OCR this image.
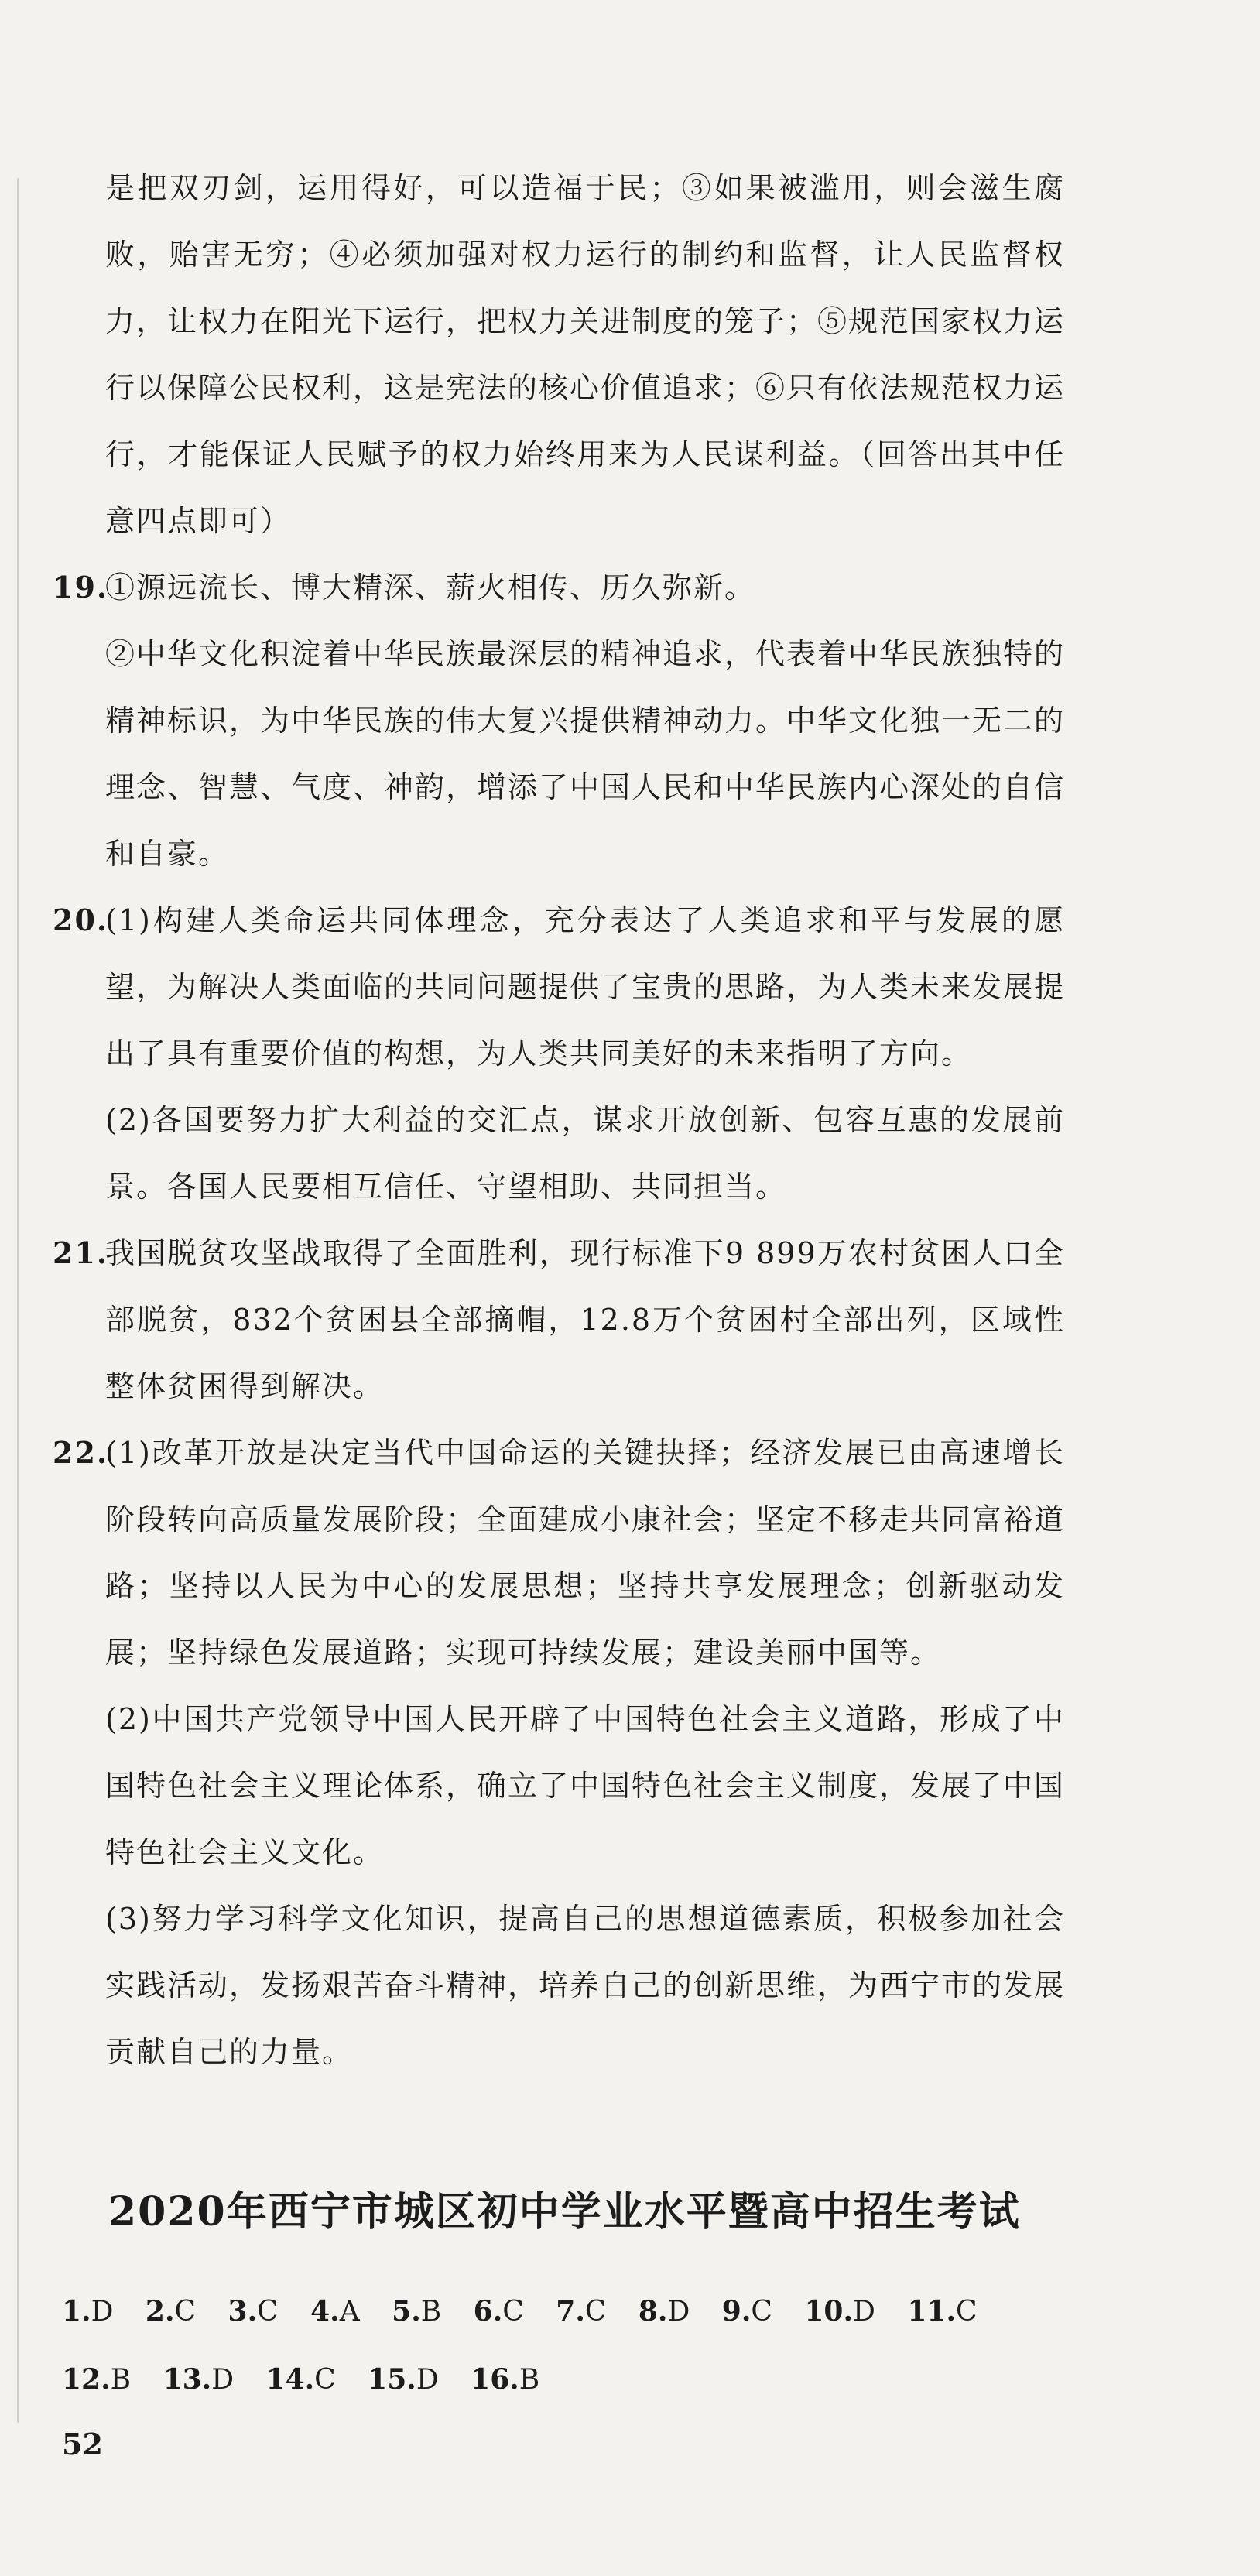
是把双刃剑，运用得好，可以造福于民；③如果被滥用，则会滋生腐败，贻害无穷；④必须加强对权力运行的制约和监督，让人民监督权力，让权力在阳光下运行，把权力关进制度的笼子；⑤规范国家权力运行以保障公民权利，这是宪法的核心价值追求；⑥只有依法规范权力运行，才能保证人民赋予的权力始终用来为人民谋利益。（回答出其中任意四点即可）
19.
①源远流长、博大精深、薪火相传、历久弥新。
②中华文化积淀着中华民族最深层的精神追求，代表着中华民族独特的精神标识，为中华民族的伟大复兴提供精神动力。中华文化独一无二的理念、智慧、气度、神韵，增添了中国人民和中华民族内心深处的自信和自豪。
20.
(1)构建人类命运共同体理念，充分表达了人类追求和平与发展的愿望，为解决人类面临的共同问题提供了宝贵的思路，为人类未来发展提出了具有重要价值的构想，为人类共同美好的未来指明了方向。
(2)各国要努力扩大利益的交汇点，谋求开放创新、包容互惠的发展前景。各国人民要相互信任、守望相助、共同担当。
21.
我国脱贫攻坚战取得了全面胜利，现行标准下9 899万农村贫困人口全部脱贫，832个贫困县全部摘帽，12.8万个贫困村全部出列，区域性整体贫困得到解决。
22.
(1)改革开放是决定当代中国命运的关键抉择；经济发展已由高速增长阶段转向高质量发展阶段；全面建成小康社会；坚定不移走共同富裕道路；坚持以人民为中心的发展思想；坚持共享发展理念；创新驱动发展；坚持绿色发展道路；实现可持续发展；建设美丽中国等。
(2)中国共产党领导中国人民开辟了中国特色社会主义道路，形成了中国特色社会主义理论体系，确立了中国特色社会主义制度，发展了中国特色社会主义文化。
(3)努力学习科学文化知识，提高自己的思想道德素质，积极参加社会实践活动，发扬艰苦奋斗精神，培养自己的创新思维，为西宁市的发展贡献自己的力量。
2020年西宁市城区初中学业水平暨高中招生考试
1.D 2.C 3.C 4.A 5.B 6.C 7.C 8.D 9.C 10.D 11.C
12.B 13.D 14.C 15.D 16.B
52
